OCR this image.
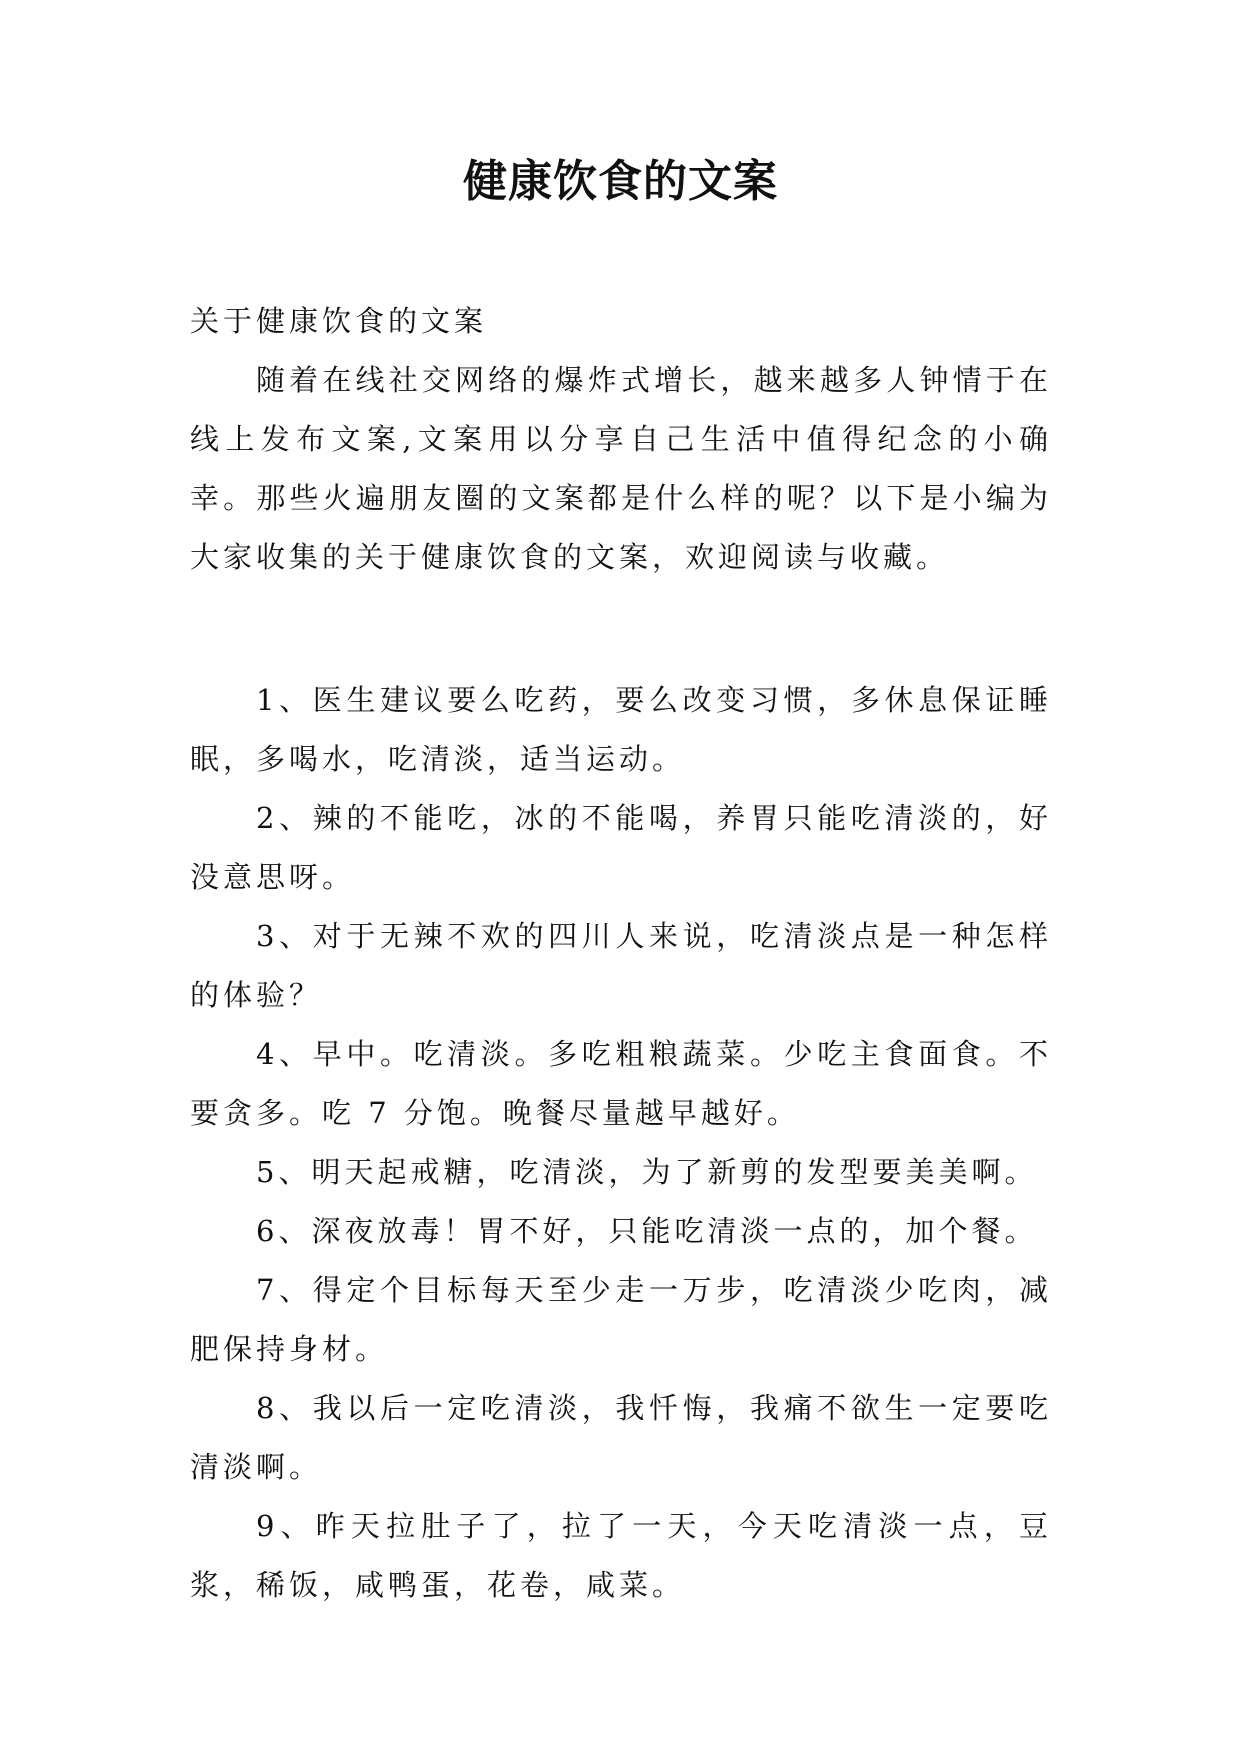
健康饮食的文案

关于健康饮食的文案

随着在线社交网络的爆炸式增长，越来越多人钟情于在线上发布文案,文案用以分享自己生活中值得纪念的小确幸。那些火遍朋友圈的文案都是什么样的呢？以下是小编为大家收集的关于健康饮食的文案，欢迎阅读与收藏。

1、医生建议要么吃药，要么改变习惯，多休息保证睡眠，多喝水，吃清淡，适当运动。

2、辣的不能吃，冰的不能喝，养胃只能吃清淡的，好没意思呀。

3、对于无辣不欢的四川人来说，吃清淡点是一种怎样的体验？

4、早中。吃清淡。多吃粗粮蔬菜。少吃主食面食。不要贪多。吃 7 分饱。晚餐尽量越早越好。

5、明天起戒糖，吃清淡，为了新剪的发型要美美啊。

6、深夜放毒！胃不好，只能吃清淡一点的，加个餐。

7、得定个目标每天至少走一万步，吃清淡少吃肉，减肥保持身材。

8、我以后一定吃清淡，我忏悔，我痛不欲生一定要吃清淡啊。

9、昨天拉肚子了，拉了一天，今天吃清淡一点，豆浆，稀饭，咸鸭蛋，花卷，咸菜。
